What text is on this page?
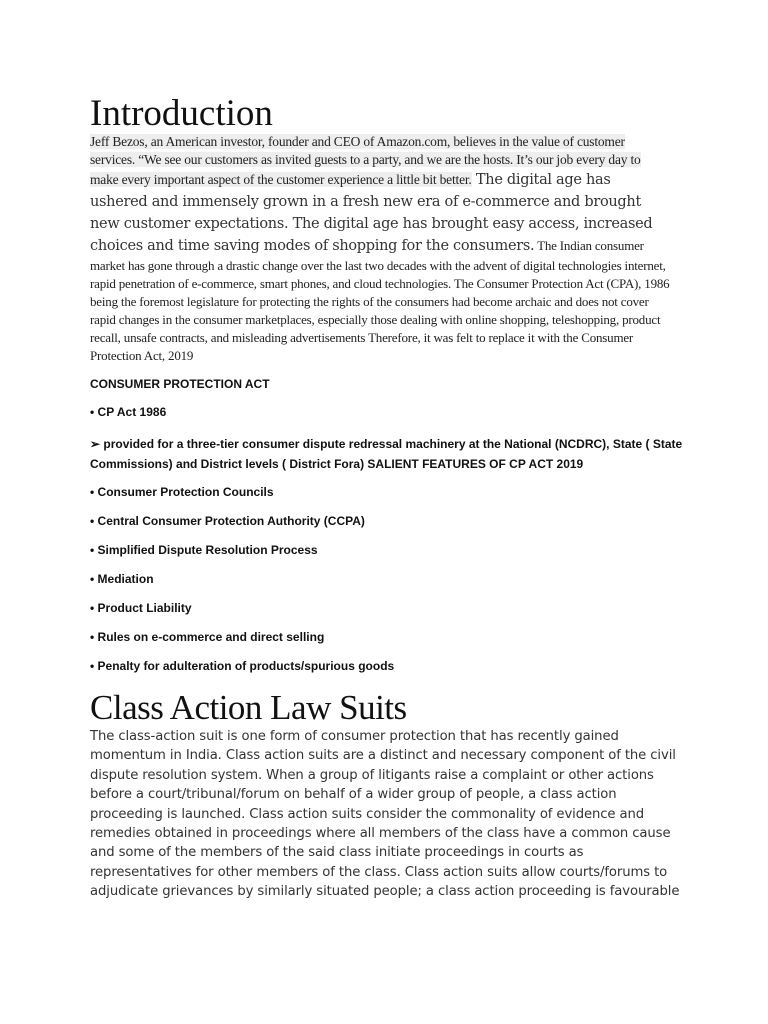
Introduction
Jeff Bezos, an American investor, founder and CEO of Amazon.com, believes in the value of customer services. “We see our customers as invited guests to a party, and we are the hosts. It’s our job every day to make every important aspect of the customer experience a little bit better. The digital age has ushered and immensely grown in a fresh new era of e-commerce and brought new customer expectations. The digital age has brought easy access, increased choices and time saving modes of shopping for the consumers. The Indian consumer market has gone through a drastic change over the last two decades with the advent of digital technologies internet, rapid penetration of e-commerce, smart phones, and cloud technologies. The Consumer Protection Act (CPA), 1986 being the foremost legislature for protecting the rights of the consumers had become archaic and does not cover rapid changes in the consumer marketplaces, especially those dealing with online shopping, teleshopping, product recall, unsafe contracts, and misleading advertisements Therefore, it was felt to replace it with the Consumer Protection Act, 2019
CONSUMER PROTECTION ACT
• CP Act 1986
➢ provided for a three-tier consumer dispute redressal machinery at the National (NCDRC), State ( State Commissions) and District levels ( District Fora) SALIENT FEATURES OF CP ACT 2019
• Consumer Protection Councils
• Central Consumer Protection Authority (CCPA)
• Simplified Dispute Resolution Process
• Mediation
• Product Liability
• Rules on e-commerce and direct selling
• Penalty for adulteration of products/spurious goods
Class Action Law Suits
The class-action suit is one form of consumer protection that has recently gained momentum in India. Class action suits are a distinct and necessary component of the civil dispute resolution system. When a group of litigants raise a complaint or other actions before a court/tribunal/forum on behalf of a wider group of people, a class action proceeding is launched. Class action suits consider the commonality of evidence and remedies obtained in proceedings where all members of the class have a common cause and some of the members of the said class initiate proceedings in courts as representatives for other members of the class. Class action suits allow courts/forums to adjudicate grievances by similarly situated people; a class action proceeding is favourable
